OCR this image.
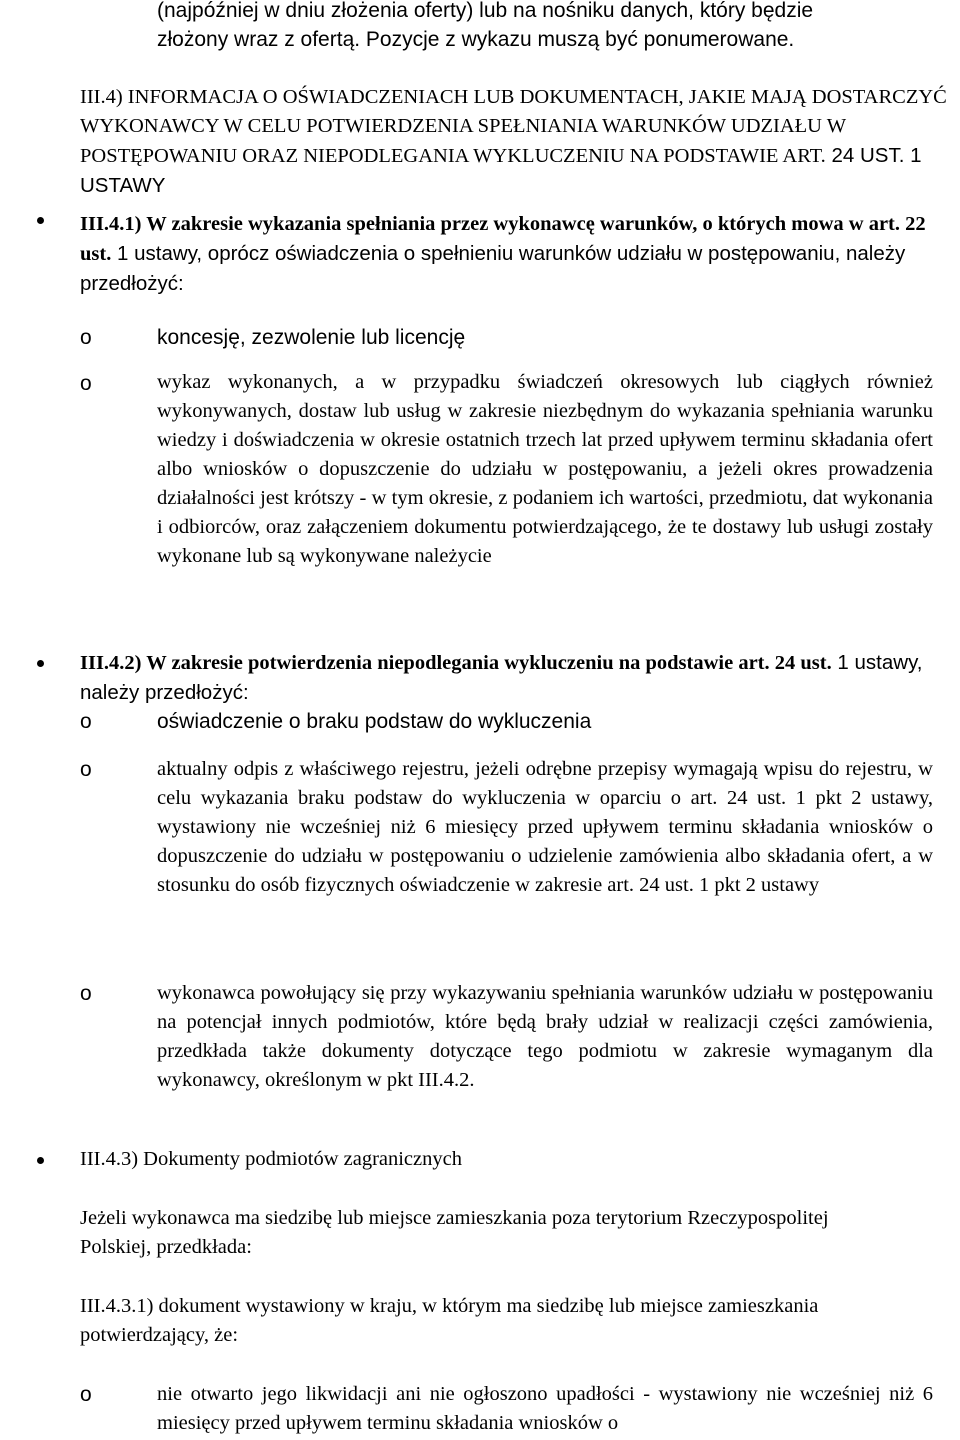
(najpóźniej w dniu złożenia oferty) lub na nośniku danych, który będzie

złożony wraz z ofertą. Pozycje z wykazu muszą być ponumerowane.

III.4) INFORMACJA O OŚWIADCZENIACH LUB DOKUMENTACH, JAKIE MAJĄ DOSTARCZYĆ WYKONAWCY W CELU POTWIERDZENIA SPEŁNIANIA WARUNKÓW UDZIAŁU W POSTĘPOWANIU ORAZ NIEPODLEGANIA WYKLUCZENIU NA PODSTAWIE ART. 24 UST. 1 USTAWY

III.4.1) W zakresie wykazania spełniania przez wykonawcę warunków, o których mowa w art. 22 ust. 1 ustawy, oprócz oświadczenia o spełnieniu warunków udziału w postępowaniu, należy przedłożyć:

o	koncesję, zezwolenie lub licencję

o	wykaz wykonanych, a w przypadku świadczeń okresowych lub ciągłych również wykonywanych, dostaw lub usług w zakresie niezbędnym do wykazania spełniania warunku wiedzy i doświadczenia w okresie ostatnich trzech lat przed upływem terminu składania ofert albo wniosków o dopuszczenie do udziału w postępowaniu, a jeżeli okres prowadzenia działalności jest krótszy - w tym okresie, z podaniem ich wartości, przedmiotu, dat wykonania i odbiorców, oraz załączeniem dokumentu potwierdzającego, że te dostawy lub usługi zostały wykonane lub są wykonywane należycie

III.4.2) W zakresie potwierdzenia niepodlegania wykluczeniu na podstawie art. 24 ust. 1 ustawy, należy przedłożyć:

o	oświadczenie o braku podstaw do wykluczenia

o	aktualny odpis z właściwego rejestru, jeżeli odrębne przepisy wymagają wpisu do rejestru, w celu wykazania braku podstaw do wykluczenia w oparciu o art. 24 ust. 1 pkt 2 ustawy, wystawiony nie wcześniej niż 6 miesięcy przed upływem terminu składania wniosków o dopuszczenie do udziału w postępowaniu o udzielenie zamówienia albo składania ofert, a w stosunku do osób fizycznych oświadczenie w zakresie art. 24 ust. 1 pkt 2 ustawy

o	wykonawca powołujący się przy wykazywaniu spełniania warunków udziału w postępowaniu na potencjał innych podmiotów, które będą brały udział w realizacji części zamówienia, przedkłada także dokumenty dotyczące tego podmiotu w zakresie wymaganym dla wykonawcy, określonym w pkt III.4.2.

III.4.3) Dokumenty podmiotów zagranicznych

Jeżeli wykonawca ma siedzibę lub miejsce zamieszkania poza terytorium Rzeczypospolitej Polskiej, przedkłada:

III.4.3.1) dokument wystawiony w kraju, w którym ma siedzibę lub miejsce zamieszkania potwierdzający, że:

o	nie otwarto jego likwidacji ani nie ogłoszono upadłości - wystawiony nie wcześniej niż 6 miesięcy przed upływem terminu składania wniosków o
